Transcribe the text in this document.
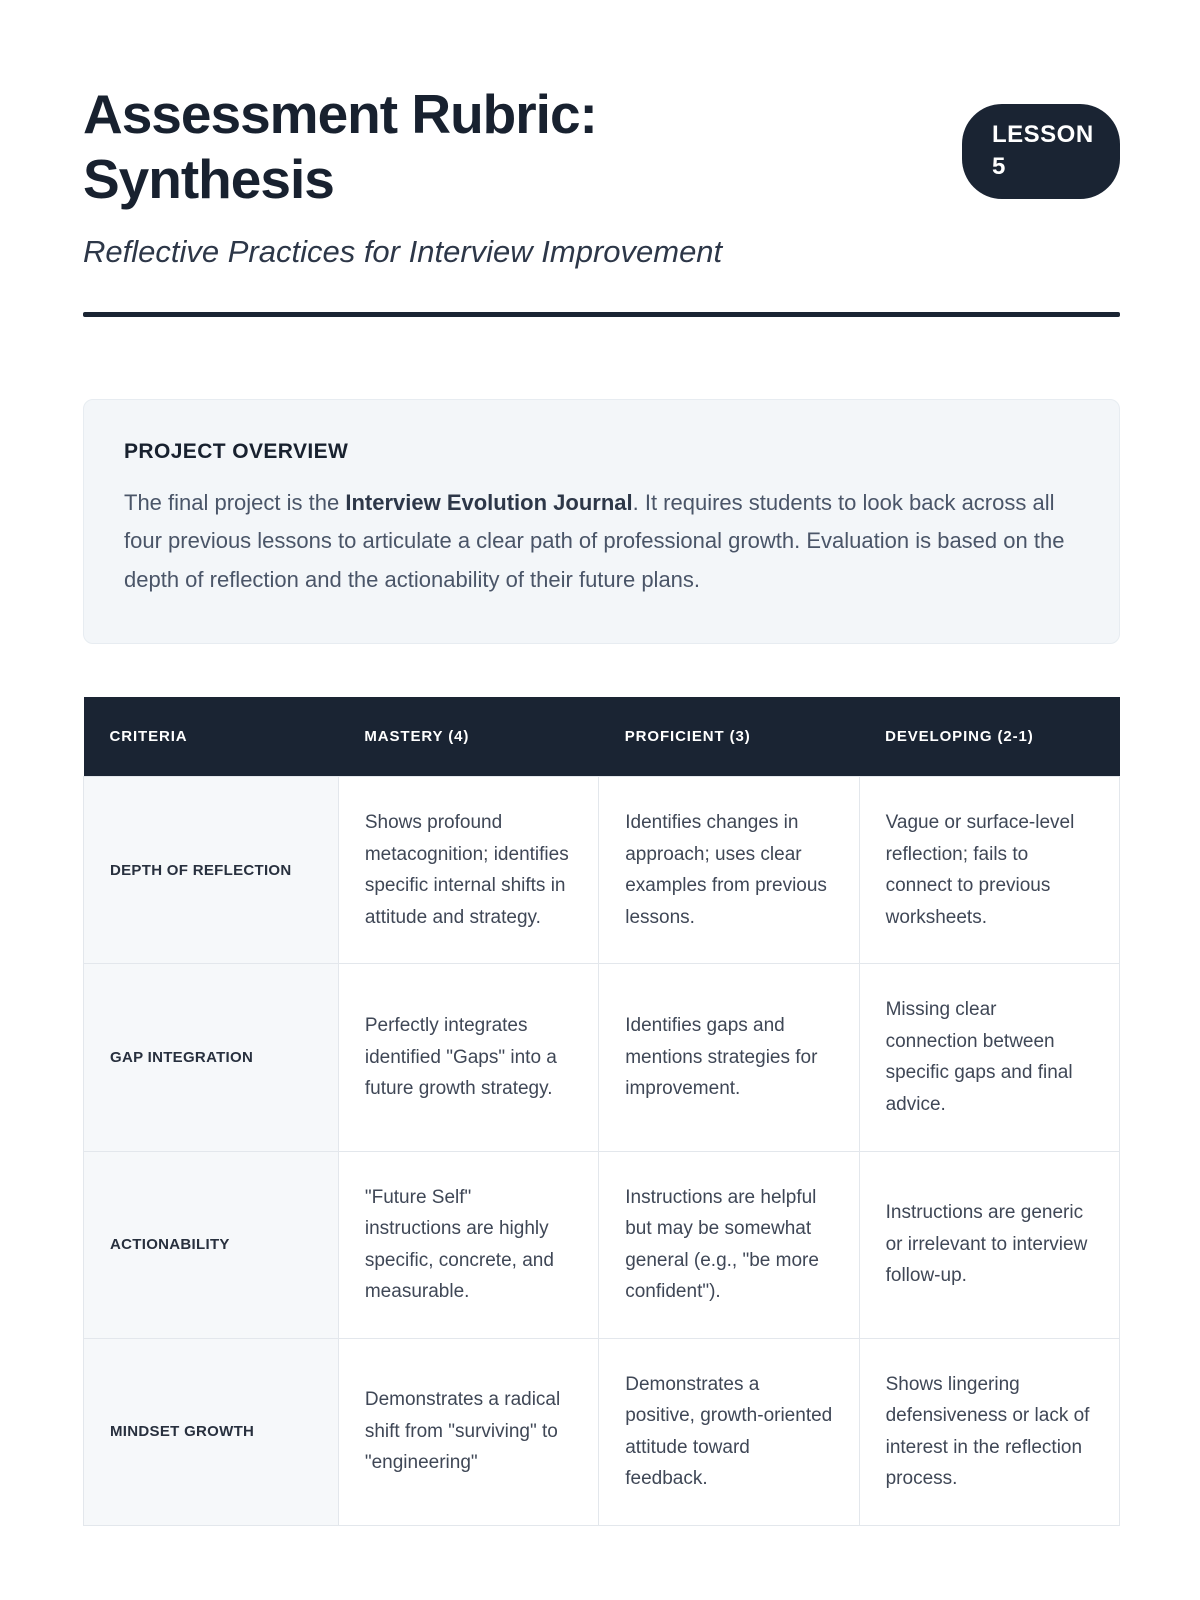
Assessment Rubric: Synthesis
LESSON 5

Reflective Practices for Interview Improvement

PROJECT OVERVIEW

The final project is the Interview Evolution Journal. It requires students to look back across all four previous lessons to articulate a clear path of professional growth. Evaluation is based on the depth of reflection and the actionability of their future plans.

CRITERIA	MASTERY (4)	PROFICIENT (3)	DEVELOPING (2-1)
DEPTH OF REFLECTION	Shows profound metacognition; identifies specific internal shifts in attitude and strategy.	Identifies changes in approach; uses clear examples from previous lessons.	Vague or surface-level reflection; fails to connect to previous worksheets.
GAP INTEGRATION	Perfectly integrates identified "Gaps" into a future growth strategy.	Identifies gaps and mentions strategies for improvement.	Missing clear connection between specific gaps and final advice.
ACTIONABILITY	"Future Self" instructions are highly specific, concrete, and measurable.	Instructions are helpful but may be somewhat general (e.g., "be more confident").	Instructions are generic or irrelevant to interview follow-up.
MINDSET GROWTH	Demonstrates a radical shift from "surviving" to "engineering"	Demonstrates a positive, growth-oriented attitude toward feedback.	Shows lingering defensiveness or lack of interest in the reflection process.
